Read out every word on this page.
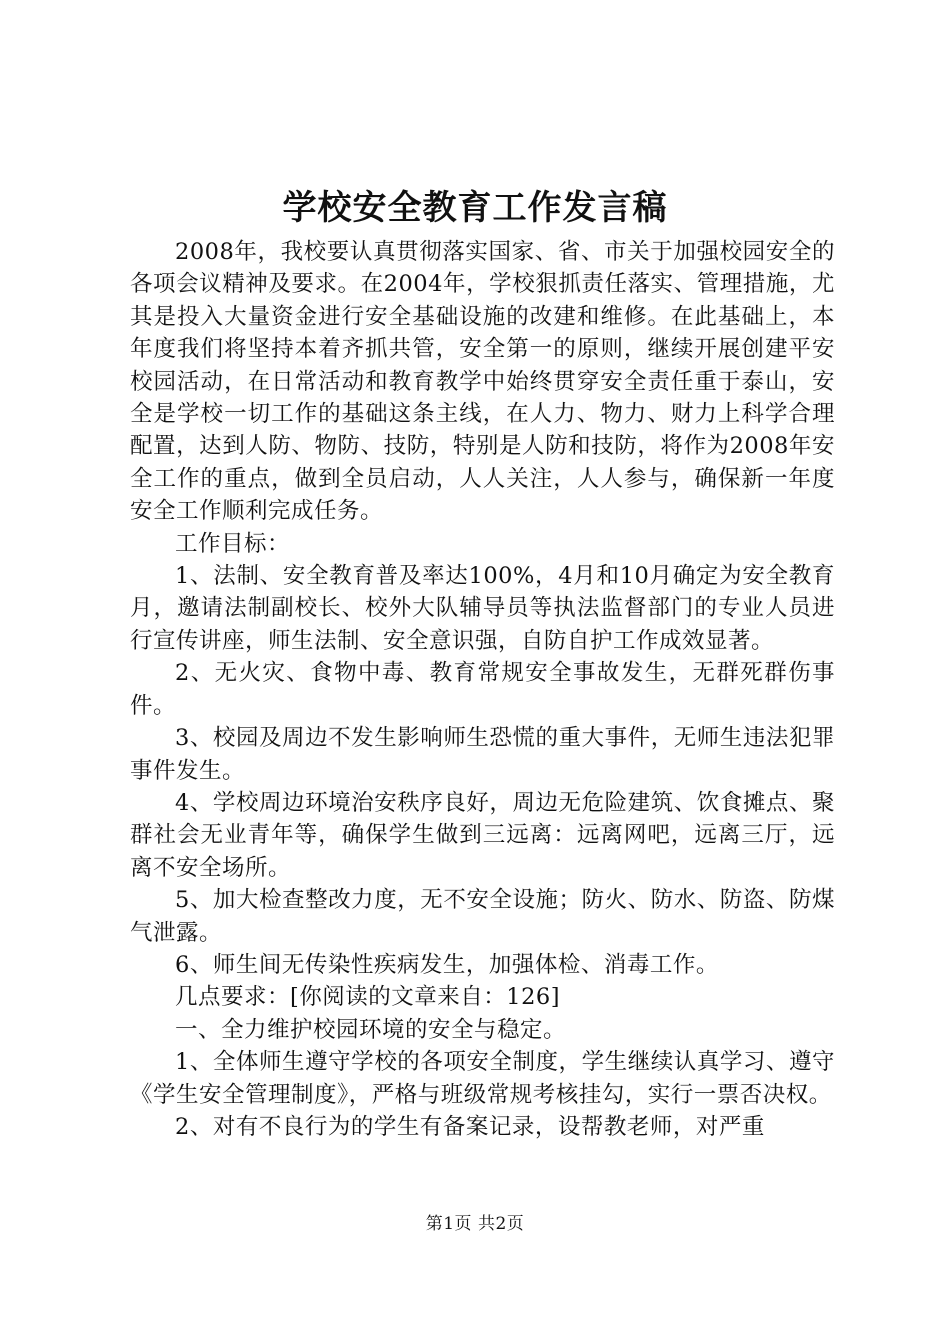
学校安全教育工作发言稿

2008年，我校要认真贯彻落实国家、省、市关于加强校园安全的各项会议精神及要求。在2004年，学校狠抓责任落实、管理措施，尤其是投入大量资金进行安全基础设施的改建和维修。在此基础上，本年度我们将坚持本着齐抓共管，安全第一的原则，继续开展创建平安校园活动，在日常活动和教育教学中始终贯穿安全责任重于泰山，安全是学校一切工作的基础这条主线，在人力、物力、财力上科学合理配置，达到人防、物防、技防，特别是人防和技防，将作为2008年安全工作的重点，做到全员启动，人人关注，人人参与，确保新一年度安全工作顺利完成任务。

工作目标：

1、法制、安全教育普及率达100%，4月和10月确定为安全教育月，邀请法制副校长、校外大队辅导员等执法监督部门的专业人员进行宣传讲座，师生法制、安全意识强，自防自护工作成效显著。

2、无火灾、食物中毒、教育常规安全事故发生，无群死群伤事件。

3、校园及周边不发生影响师生恐慌的重大事件，无师生违法犯罪事件发生。

4、学校周边环境治安秩序良好，周边无危险建筑、饮食摊点、聚群社会无业青年等，确保学生做到三远离：远离网吧，远离三厅，远离不安全场所。

5、加大检查整改力度，无不安全设施；防火、防水、防盗、防煤气泄露。

6、师生间无传染性疾病发生，加强体检、消毒工作。

几点要求：[你阅读的文章来自：126]

一、全力维护校园环境的安全与稳定。

1、全体师生遵守学校的各项安全制度，学生继续认真学习、遵守《学生安全管理制度》，严格与班级常规考核挂勾，实行一票否决权。

2、对有不良行为的学生有备案记录，设帮教老师，对严重

第1页 共2页
